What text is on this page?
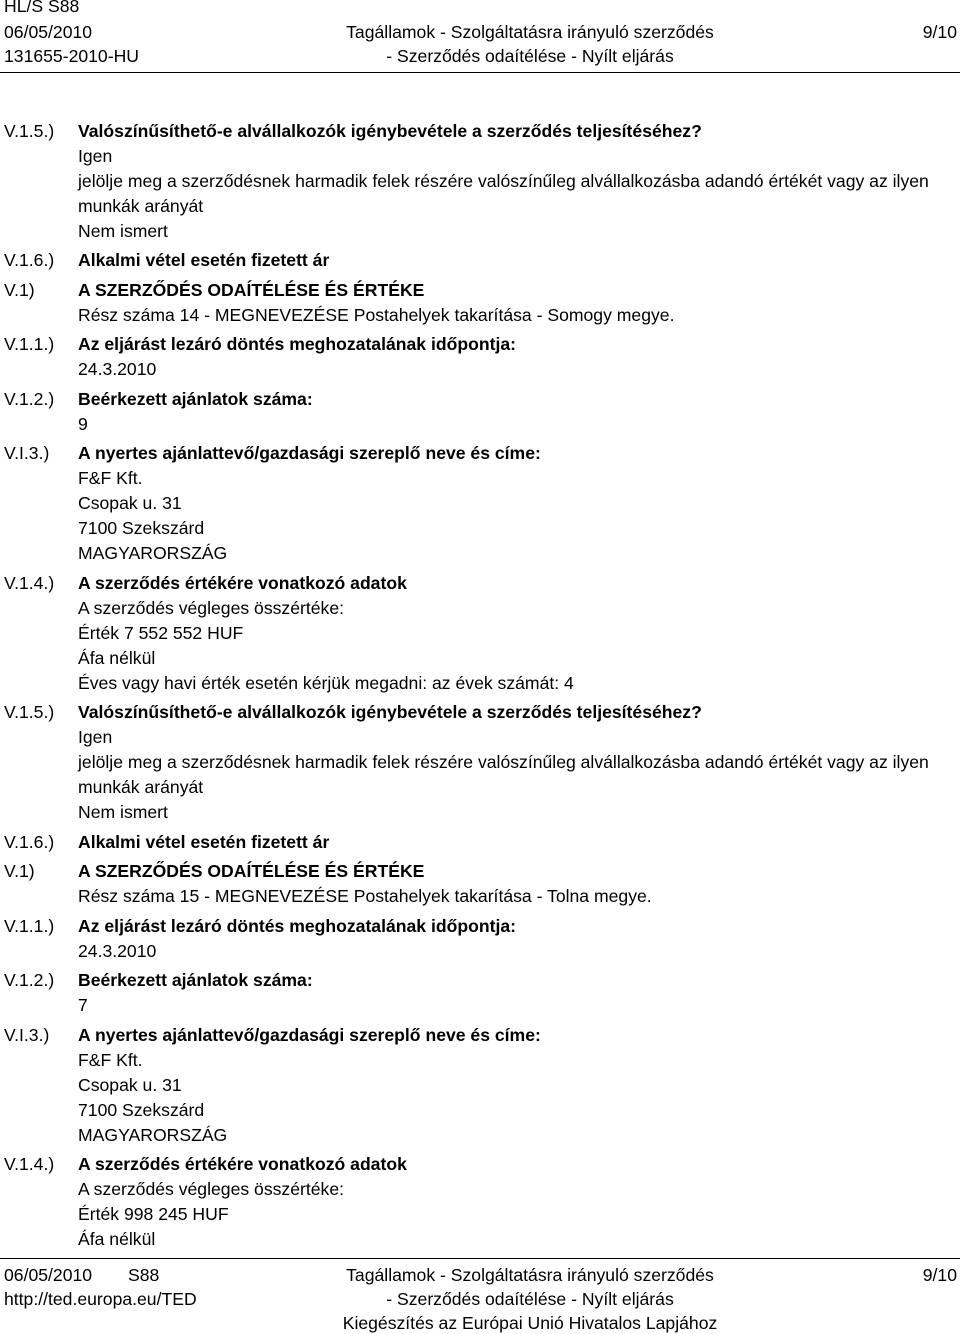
HL/S S88
06/05/2010
131655-2010-HU
Tagállamok - Szolgáltatásra irányuló szerződés
- Szerződés odaítélése - Nyílt eljárás
9/10
V.1.5.) Valószínűsíthető-e alvállalkozók igénybevétele a szerződés teljesítéséhez?
Igen
jelölje meg a szerződésnek harmadik felek részére valószínűleg alvállalkozásba adandó értékét vagy az ilyen
munkák arányát
Nem ismert
V.1.6.) Alkalmi vétel esetén fizetett ár
V.1) A SZERZŐDÉS ODAÍTÉLÉSE ÉS ÉRTÉKE
Rész száma 14 - MEGNEVEZÉSE Postahelyek takarítása - Somogy megye.
V.1.1.) Az eljárást lezáró döntés meghozatalának időpontja:
24.3.2010
V.1.2.) Beérkezett ajánlatok száma:
9
V.I.3.) A nyertes ajánlattevő/gazdasági szereplő neve és címe:
F&F Kft.
Csopak u. 31
7100 Szekszárd
MAGYARORSZÁG
V.1.4.) A szerződés értékére vonatkozó adatok
A szerződés végleges összértéke:
Érték 7 552 552 HUF
Áfa nélkül
Éves vagy havi érték esetén kérjük megadni: az évek számát: 4
V.1.5.) Valószínűsíthető-e alvállalkozók igénybevétele a szerződés teljesítéséhez?
Igen
jelölje meg a szerződésnek harmadik felek részére valószínűleg alvállalkozásba adandó értékét vagy az ilyen
munkák arányát
Nem ismert
V.1.6.) Alkalmi vétel esetén fizetett ár
V.1) A SZERZŐDÉS ODAÍTÉLÉSE ÉS ÉRTÉKE
Rész száma 15 - MEGNEVEZÉSE Postahelyek takarítása - Tolna megye.
V.1.1.) Az eljárást lezáró döntés meghozatalának időpontja:
24.3.2010
V.1.2.) Beérkezett ajánlatok száma:
7
V.I.3.) A nyertes ajánlattevő/gazdasági szereplő neve és címe:
F&F Kft.
Csopak u. 31
7100 Szekszárd
MAGYARORSZÁG
V.1.4.) A szerződés értékére vonatkozó adatok
A szerződés végleges összértéke:
Érték 998 245 HUF
Áfa nélkül
06/05/2010 S88	Tagállamok - Szolgáltatásra irányuló szerződés	9/10
http://ted.europa.eu/TED	- Szerződés odaítélése - Nyílt eljárás
Kiegészítés az Európai Unió Hivatalos Lapjához
